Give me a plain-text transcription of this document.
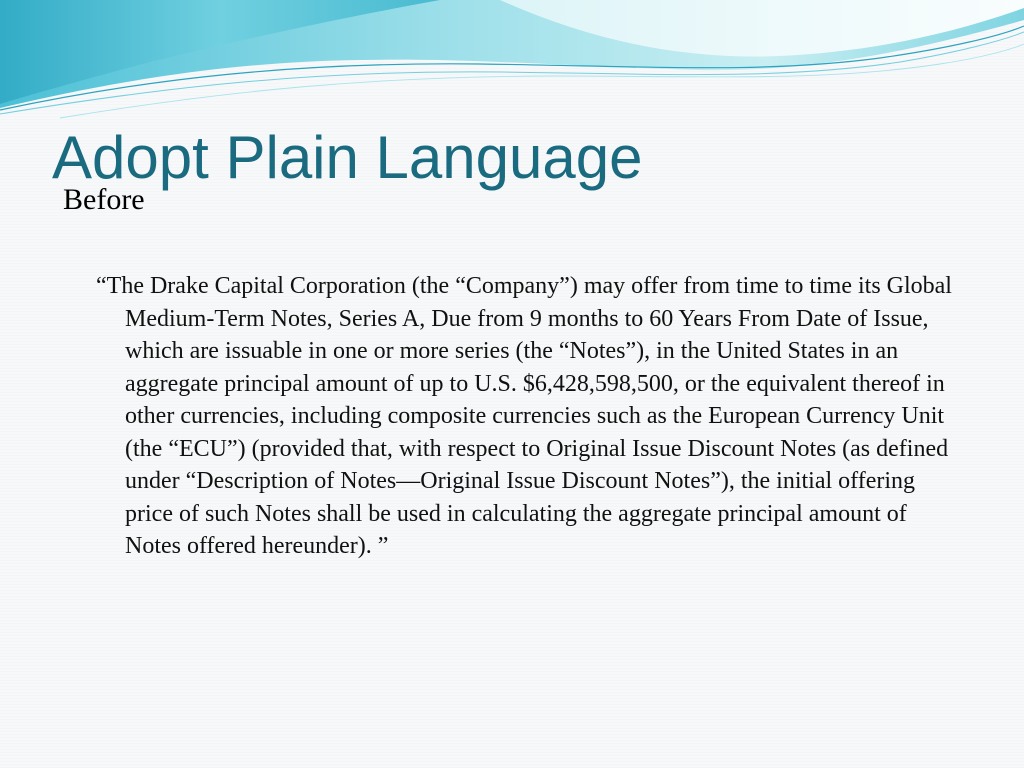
Adopt Plain Language
Before

“The Drake Capital Corporation (the “Company”) may offer from time to time its Global Medium-Term Notes, Series A, Due from 9 months to 60 Years From Date of Issue, which are issuable in one or more series (the “Notes”), in the United States in an aggregate principal amount of up to U.S. $6,428,598,500, or the equivalent thereof in other currencies, including composite currencies such as the European Currency Unit (the “ECU”) (provided that, with respect to Original Issue Discount Notes (as defined under “Description of Notes—Original Issue Discount Notes”), the initial offering price of such Notes shall be used in calculating the aggregate principal amount of Notes offered hereunder). ”
